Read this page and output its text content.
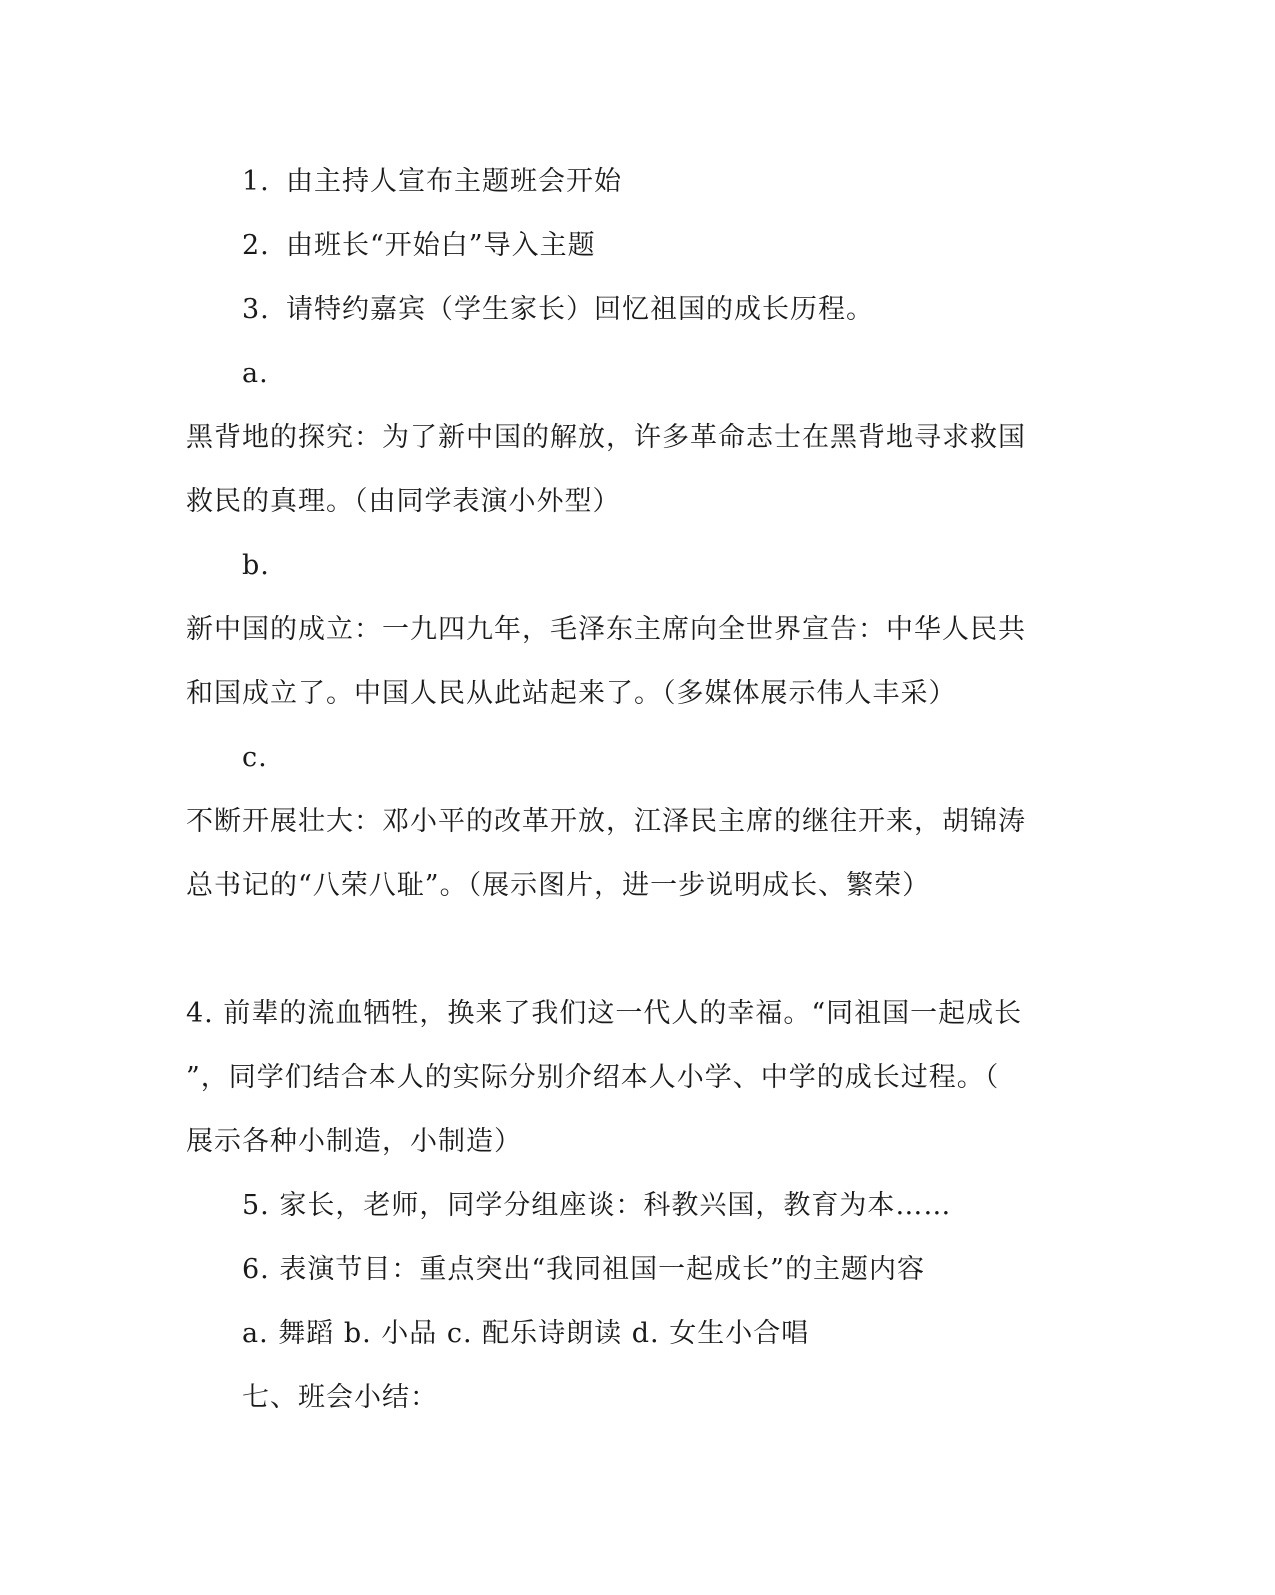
1. 由主持人宣布主题班会开始
2. 由班长“开始白”导入主题
3. 请特约嘉宾（学生家长）回忆祖国的成长历程。
a.
黑背地的探究：为了新中国的解放，许多革命志士在黑背地寻求救国
救民的真理。（由同学表演小外型）
b.
新中国的成立：一九四九年，毛泽东主席向全世界宣告：中华人民共
和国成立了。中国人民从此站起来了。（多媒体展示伟人丰采）
c.
不断开展壮大：邓小平的改革开放，江泽民主席的继往开来，胡锦涛
总书记的“八荣八耻”。（展示图片，进一步说明成长、繁荣）
4. 前辈的流血牺牲，换来了我们这一代人的幸福。“同祖国一起成长
”，同学们结合本人的实际分别介绍本人小学、中学的成长过程。（
展示各种小制造，小制造）
5. 家长，老师，同学分组座谈：科教兴国，教育为本……
6. 表演节目：重点突出“我同祖国一起成长”的主题内容
a. 舞蹈 b. 小品 c. 配乐诗朗读 d. 女生小合唱
七、班会小结：
